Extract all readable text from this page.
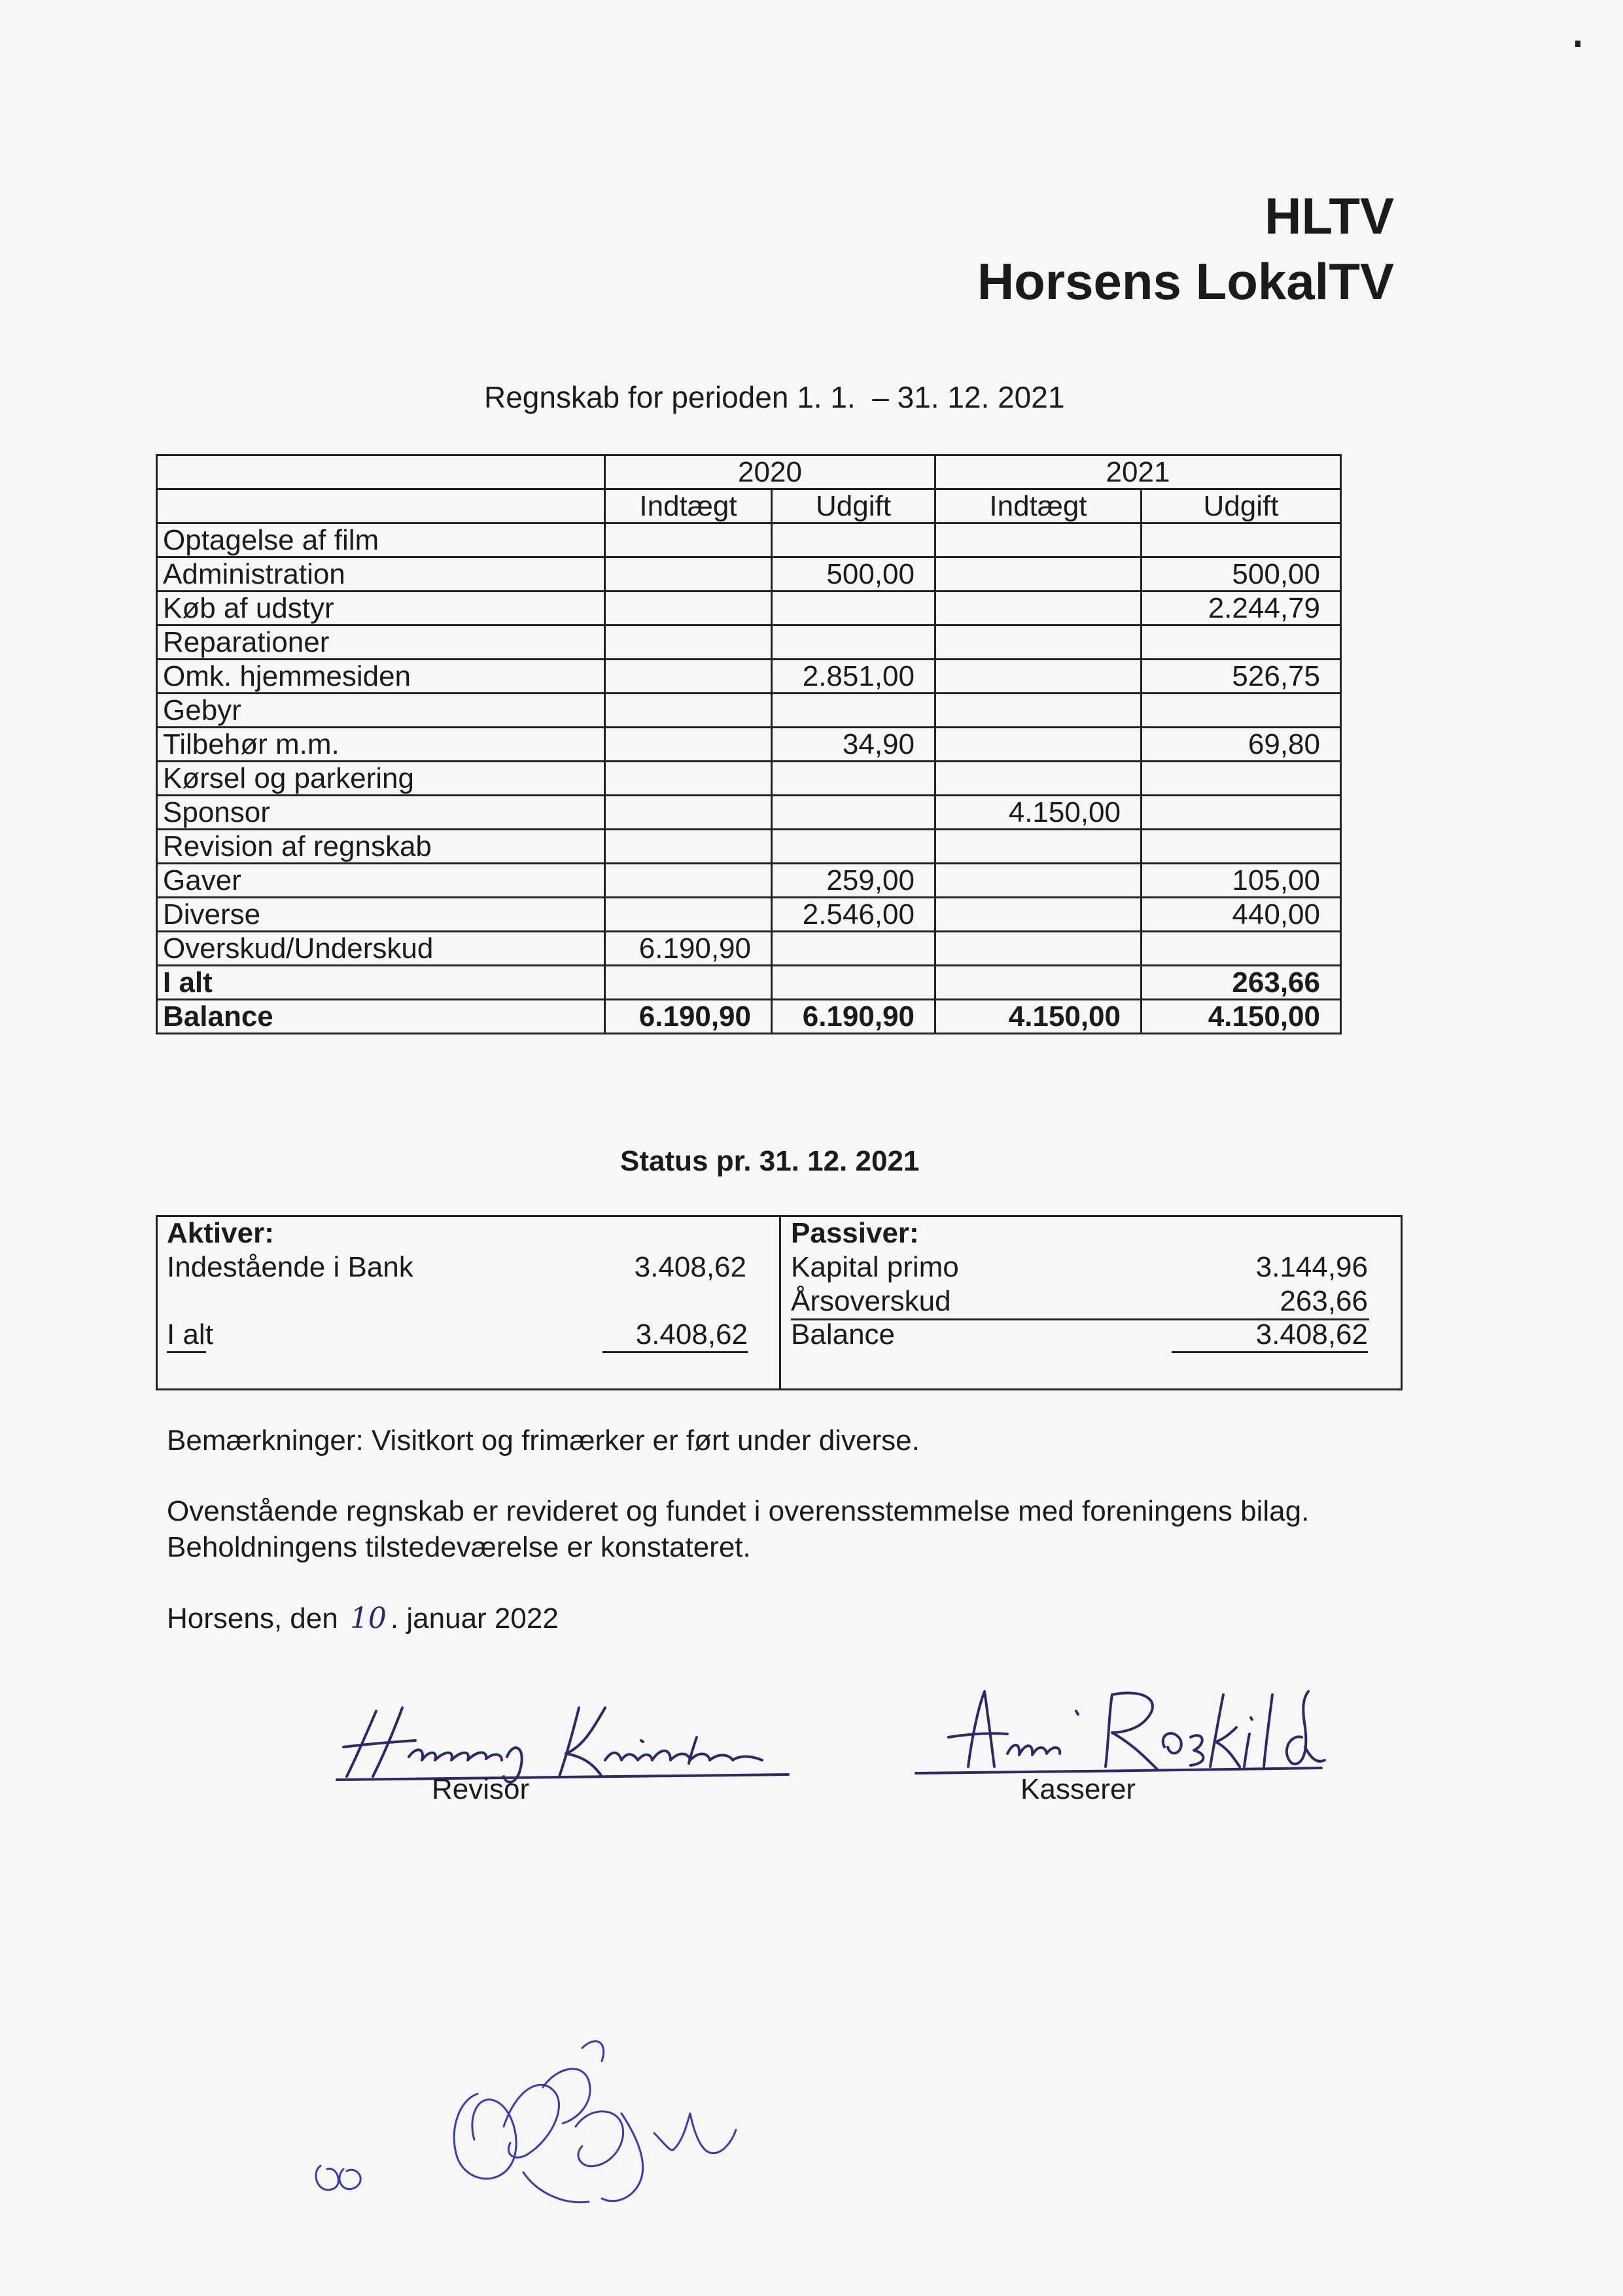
HLTV
Horsens LokalTV
Regnskab for perioden 1. 1.  – 31. 12. 2021
	2020		2021	
	Indtægt	Udgift	Indtægt	Udgift
Optagelse af film				
Administration		500,00		500,00
Køb af udstyr				2.244,79
Reparationer				
Omk. hjemmesiden		2.851,00		526,75
Gebyr				
Tilbehør m.m.		34,90		69,80
Kørsel og parkering				
Sponsor			4.150,00	
Revision af regnskab				
Gaver		259,00		105,00
Diverse		2.546,00		440,00
Overskud/Underskud	6.190,90			
I alt				263,66
Balance	6.190,90	6.190,90	4.150,00	4.150,00
Status pr. 31. 12. 2021
Aktiver:
Indestående i Bank	3.408,62
I alt	3.408,62
Passiver:
Kapital primo	3.144,96
Årsoverskud	263,66
Balance	3.408,62
Bemærkninger: Visitkort og frimærker er ført under diverse.
Ovenstående regnskab er revideret og fundet i overensstemmelse med foreningens bilag.
Beholdningens tilstedeværelse er konstateret.
Horsens, den 10 . januar 2022
Revisor	Kasserer
